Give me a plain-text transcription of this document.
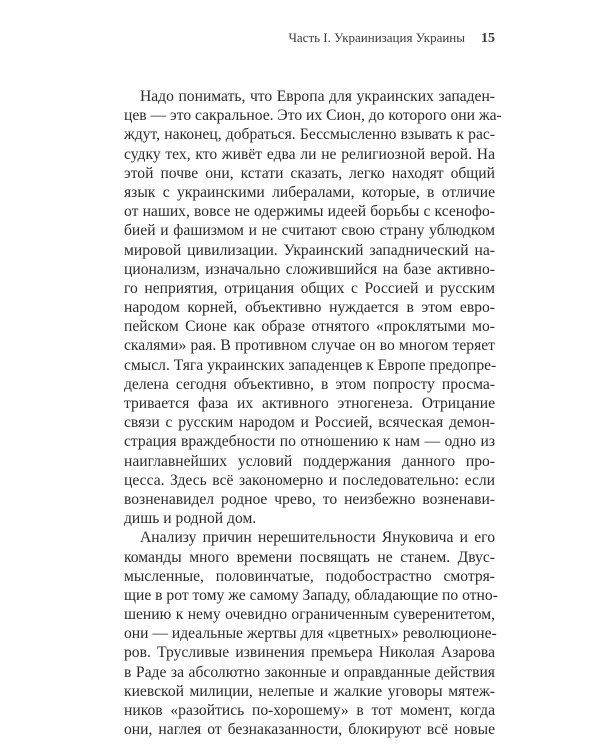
Часть I. Украинизация Украины 15
Надо понимать, что Европа для украинских западен-
цев — это сакральное. Это их Сион, до которого они жа-
ждут, наконец, добраться. Бессмысленно взывать к рас-
судку тех, кто живёт едва ли не религиозной верой. На
этой почве они, кстати сказать, легко находят общий
язык с украинскими либералами, которые, в отличие
от наших, вовсе не одержимы идеей борьбы с ксенофо-
бией и фашизмом и не считают свою страну ублюдком
мировой цивилизации. Украинский западнический на-
ционализм, изначально сложившийся на базе активно-
го неприятия, отрицания общих с Россией и русским
народом корней, объективно нуждается в этом евро-
пейском Сионе как образе отнятого «проклятыми мо-
скалями» рая. В противном случае он во многом теряет
смысл. Тяга украинских западенцев к Европе предопре-
делена сегодня объективно, в этом попросту просма-
тривается фаза их активного этногенеза. Отрицание
связи с русским народом и Россией, всяческая демон-
страция враждебности по отношению к нам — одно из
наиглавнейших условий поддержания данного про-
цесса. Здесь всё закономерно и последовательно: если
возненавидел родное чрево, то неизбежно возненави-
дишь и родной дом.
Анализу причин нерешительности Януковича и его
команды много времени посвящать не станем. Двус-
мысленные, половинчатые, подобострастно смотря-
щие в рот тому же самому Западу, обладающие по отно-
шению к нему очевидно ограниченным суверенитетом,
они — идеальные жертвы для «цветных» революционе-
ров. Трусливые извинения премьера Николая Азарова
в Раде за абсолютно законные и оправданные действия
киевской милиции, нелепые и жалкие уговоры мятеж-
ников «разойтись по-хорошему» в тот момент, когда
они, наглея от безнаказанности, блокируют всё новые
